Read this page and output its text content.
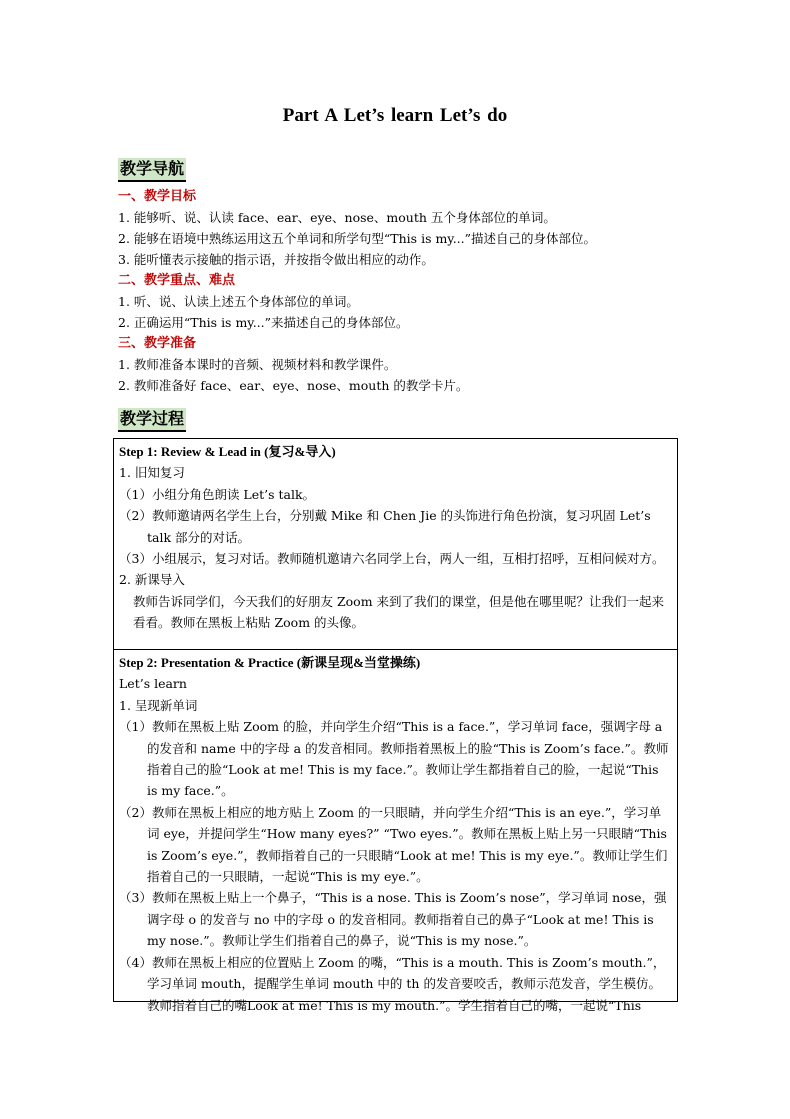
Part A Let’s learn Let’s do
教学导航
一、教学目标
1. 能够听、说、认读 face、ear、eye、nose、mouth 五个身体部位的单词。
2. 能够在语境中熟练运用这五个单词和所学句型“This is my...”描述自己的身体部位。
3. 能听懂表示接触的指示语，并按指令做出相应的动作。
二、教学重点、难点
1. 听、说、认读上述五个身体部位的单词。
2. 正确运用“This is my...”来描述自己的身体部位。
三、教学准备
1. 教师准备本课时的音频、视频材料和教学课件。
2. 教师准备好 face、ear、eye、nose、mouth 的教学卡片。
教学过程
Step 1: Review & Lead in (复习&导入)
1. 旧知复习
（1）小组分角色朗读 Let’s talk。
（2）教师邀请两名学生上台，分别戴 Mike 和 Chen Jie 的头饰进行角色扮演，复习巩固 Let’s talk 部分的对话。
（3）小组展示，复习对话。教师随机邀请六名同学上台，两人一组，互相打招呼，互相问候对方。
2. 新课导入
教师告诉同学们，今天我们的好朋友 Zoom 来到了我们的课堂，但是他在哪里呢？让我们一起来看看。教师在黑板上粘贴 Zoom 的头像。
Step 2: Presentation & Practice (新课呈现&当堂操练)
Let’s learn
1. 呈现新单词
（1）教师在黑板上贴 Zoom 的脸，并向学生介绍“This is a face.”，学习单词 face，强调字母 a 的发音和 name 中的字母 a 的发音相同。教师指着黑板上的脸“This is Zoom’s face.”。教师指着自己的脸“Look at me! This is my face.”。教师让学生都指着自己的脸，一起说“This is my face.”。
（2）教师在黑板上相应的地方贴上 Zoom 的一只眼睛，并向学生介绍“This is an eye.”，学习单词 eye，并提问学生“How many eyes?” “Two eyes.”。教师在黑板上贴上另一只眼睛“This is Zoom’s eye.”，教师指着自己的一只眼睛“Look at me! This is my eye.”。教师让学生们指着自己的一只眼睛，一起说“This is my eye.”。
（3）教师在黑板上贴上一个鼻子，“This is a nose. This is Zoom’s nose”，学习单词 nose，强调字母 o 的发音与 no 中的字母 o 的发音相同。教师指着自己的鼻子“Look at me! This is my nose.”。教师让学生们指着自己的鼻子，说“This is my nose.”。
（4）教师在黑板上相应的位置贴上 Zoom 的嘴，“This is a mouth. This is Zoom’s mouth.”，学习单词 mouth，提醒学生单词 mouth 中的 th 的发音要咬舌，教师示范发音，学生模仿。教师指着自己的嘴Look at me! This is my mouth.”。学生指着自己的嘴，一起说“This
